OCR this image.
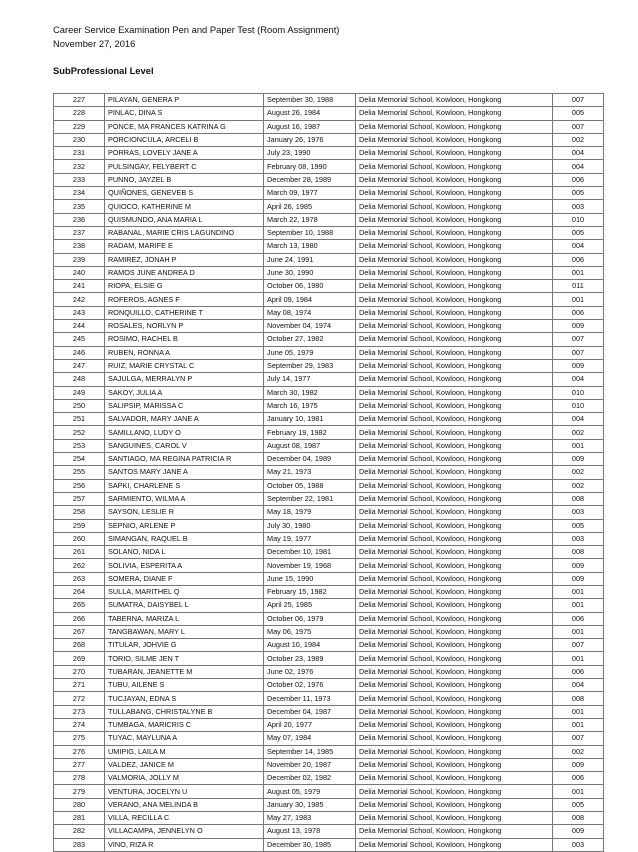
Career Service Examination Pen and Paper Test (Room Assignment)
November 27, 2016
SubProfessional Level
227	PILAYAN, GENERA P	September 30, 1988	Delia Memorial School, Kowloon, Hongkong	007
228	PINLAC, DINA S	August 26, 1984	Delia Memorial School, Kowloon, Hongkong	005
229	PONCE, MA FRANCES KATRINA G	August 16, 1987	Delia Memorial School, Kowloon, Hongkong	007
230	PORCIONCULA, ARCELI B	January 26, 1976	Delia Memorial School, Kowloon, Hongkong	002
231	PORRAS, LOVELY JANE A	July 23, 1990	Delia Memorial School, Kowloon, Hongkong	004
232	PULSINGAY, FELYBERT C	February 08, 1990	Delia Memorial School, Kowloon, Hongkong	004
233	PUNNO, JAYZEL B	December 28, 1989	Delia Memorial School, Kowloon, Hongkong	006
234	QUIÑONES, GENEVEB S	March 09, 1977	Delia Memorial School, Kowloon, Hongkong	005
235	QUIOCO, KATHERINE M	April 26, 1985	Delia Memorial School, Kowloon, Hongkong	003
236	QUISMUNDO, ANA MARIA L	March 22, 1978	Delia Memorial School, Kowloon, Hongkong	010
237	RABANAL, MARIE CRIS LAGUNDINO	September 10, 1988	Delia Memorial School, Kowloon, Hongkong	005
238	RADAM, MARIFE E	March 13, 1980	Delia Memorial School, Kowloon, Hongkong	004
239	RAMIREZ, JONAH P	June 24, 1991	Delia Memorial School, Kowloon, Hongkong	006
240	RAMOS JUNE ANDREA D	June 30, 1990	Delia Memorial School, Kowloon, Hongkong	001
241	RIOPA, ELSIE G	October 06, 1980	Delia Memorial School, Kowloon, Hongkong	011
242	ROFEROS, AGNES F	April 09, 1984	Delia Memorial School, Kowloon, Hongkong	001
243	RONQUILLO, CATHERINE T	May 08, 1974	Delia Memorial School, Kowloon, Hongkong	006
244	ROSALES, NORLYN P	November 04, 1974	Delia Memorial School, Kowloon, Hongkong	009
245	ROSIMO, RACHEL B	October 27, 1982	Delia Memorial School, Kowloon, Hongkong	007
246	RUBEN, RONNA A	June 05, 1979	Delia Memorial School, Kowloon, Hongkong	007
247	RUIZ, MARIE CRYSTAL C	September 29, 1983	Delia Memorial School, Kowloon, Hongkong	009
248	SAJULGA, MERRALYN P	July 14, 1977	Delia Memorial School, Kowloon, Hongkong	004
249	SAKOY, JULIA A	March 30, 1982	Delia Memorial School, Kowloon, Hongkong	010
250	SALIPSIP, MARISSA C	March 16, 1975	Delia Memorial School, Kowloon, Hongkong	010
251	SALVADOR, MARY JANE A	January 10, 1981	Delia Memorial School, Kowloon, Hongkong	004
252	SAMILLANO, LUDY O	February 19, 1982	Delia Memorial School, Kowloon, Hongkong	002
253	SANGUINES, CAROL V	August 08, 1987	Delia Memorial School, Kowloon, Hongkong	001
254	SANTIAGO, MA REGINA PATRICIA R	December 04, 1989	Delia Memorial School, Kowloon, Hongkong	009
255	SANTOS MARY JANE A	May 21, 1973	Delia Memorial School, Kowloon, Hongkong	002
256	SAPKI, CHARLENE S	October 05, 1988	Delia Memorial School, Kowloon, Hongkong	002
257	SARMIENTO, WILMA A	September 22, 1981	Delia Memorial School, Kowloon, Hongkong	008
258	SAYSON, LESLIE R	May 18, 1979	Delia Memorial School, Kowloon, Hongkong	003
259	SEPNIO, ARLENE P	July 30, 1980	Delia Memorial School, Kowloon, Hongkong	005
260	SIMANGAN, RAQUEL B	May 19, 1977	Delia Memorial School, Kowloon, Hongkong	003
261	SOLANO, NIDA L	December 10, 1981	Delia Memorial School, Kowloon, Hongkong	008
262	SOLIVIA, ESPERITA A	November 19, 1968	Delia Memorial School, Kowloon, Hongkong	009
263	SOMERA, DIANE F	June 15, 1990	Delia Memorial School, Kowloon, Hongkong	009
264	SULLA, MARITHEL Q	February 15, 1982	Delia Memorial School, Kowloon, Hongkong	001
265	SUMATRA, DAISYBEL L	April 25, 1985	Delia Memorial School, Kowloon, Hongkong	001
266	TABERNA, MARIZA L	October 06, 1979	Delia Memorial School, Kowloon, Hongkong	006
267	TANGBAWAN, MARY L	May 06, 1975	Delia Memorial School, Kowloon, Hongkong	001
268	TITULAR, JOHVIE G	August 10, 1984	Delia Memorial School, Kowloon, Hongkong	007
269	TORIO, SILME JEN T	October 23, 1989	Delia Memorial School, Kowloon, Hongkong	001
270	TUBARAN, JEANETTE M	June 02, 1976	Delia Memorial School, Kowloon, Hongkong	006
271	TUBU, AILENE S	October 02, 1976	Delia Memorial School, Kowloon, Hongkong	004
272	TUCJAYAN, EDNA S	December 11, 1973	Delia Memorial School, Kowloon, Hongkong	008
273	TULLABANG, CHRISTALYNE B	December 04, 1987	Delia Memorial School, Kowloon, Hongkong	001
274	TUMBAGA, MARICRIS C	April 20, 1977	Delia Memorial School, Kowloon, Hongkong	001
275	TUYAC, MAYLUNA A	May 07, 1984	Delia Memorial School, Kowloon, Hongkong	007
276	UMIPIG, LAILA M	September 14, 1985	Delia Memorial School, Kowloon, Hongkong	002
277	VALDEZ, JANICE M	November 20, 1987	Delia Memorial School, Kowloon, Hongkong	009
278	VALMORIA, JOLLY M	December 02, 1982	Delia Memorial School, Kowloon, Hongkong	006
279	VENTURA, JOCELYN U	August 05, 1979	Delia Memorial School, Kowloon, Hongkong	001
280	VERANO, ANA MELINDA B	January 30, 1985	Delia Memorial School, Kowloon, Hongkong	005
281	VILLA, RECILLA C	May 27, 1983	Delia Memorial School, Kowloon, Hongkong	008
282	VILLACAMPA, JENNELYN O	August 13, 1978	Delia Memorial School, Kowloon, Hongkong	009
283	VINO, RIZA R	December 30, 1985	Delia Memorial School, Kowloon, Hongkong	003
